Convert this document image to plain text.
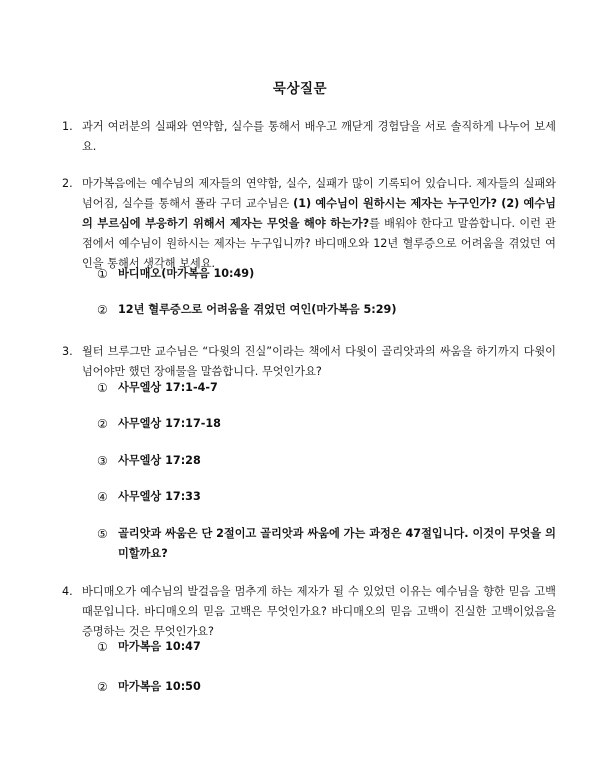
묵상질문
1. 과거 여러분의 실패와 연약함, 실수를 통해서 배우고 깨닫게 경험담을 서로 솔직하게 나누어 보세요.
2. 마가복음에는 예수님의 제자들의 연약함, 실수, 실패가 많이 기록되어 있습니다. 제자들의 실패와 넘어짐, 실수를 통해서 폴라 구더 교수님은 (1) 예수님이 원하시는 제자는 누구인가? (2) 예수님의 부르심에 부응하기 위해서 제자는 무엇을 해야 하는가?를 배워야 한다고 말씀합니다. 이런 관점에서 예수님이 원하시는 제자는 누구입니까? 바디매오와 12년 혈루증으로 어려움을 겪었던 여인을 통해서 생각해 보세요.
① 바디매오(마가복음 10:49)
② 12년 혈루증으로 어려움을 겪었던 여인(마가복음 5:29)
3. 월터 브루그만 교수님은 “다윗의 진실”이라는 책에서 다윗이 골리앗과의 싸움을 하기까지 다윗이 넘어야만 했던 장애물을 말씀합니다. 무엇인가요?
① 사무엘상 17:1-4-7
② 사무엘상 17:17-18
③ 사무엘상 17:28
④ 사무엘상 17:33
⑤ 골리앗과 싸움은 단 2절이고 골리앗과 싸움에 가는 과정은 47절입니다. 이것이 무엇을 의미할까요?
4. 바디매오가 예수님의 발걸음을 멈추게 하는 제자가 될 수 있었던 이유는 예수님을 향한 믿음 고백 때문입니다. 바디매오의 믿음 고백은 무엇인가요? 바디매오의 믿음 고백이 진실한 고백이었음을 증명하는 것은 무엇인가요?
① 마가복음 10:47
② 마가복음 10:50
